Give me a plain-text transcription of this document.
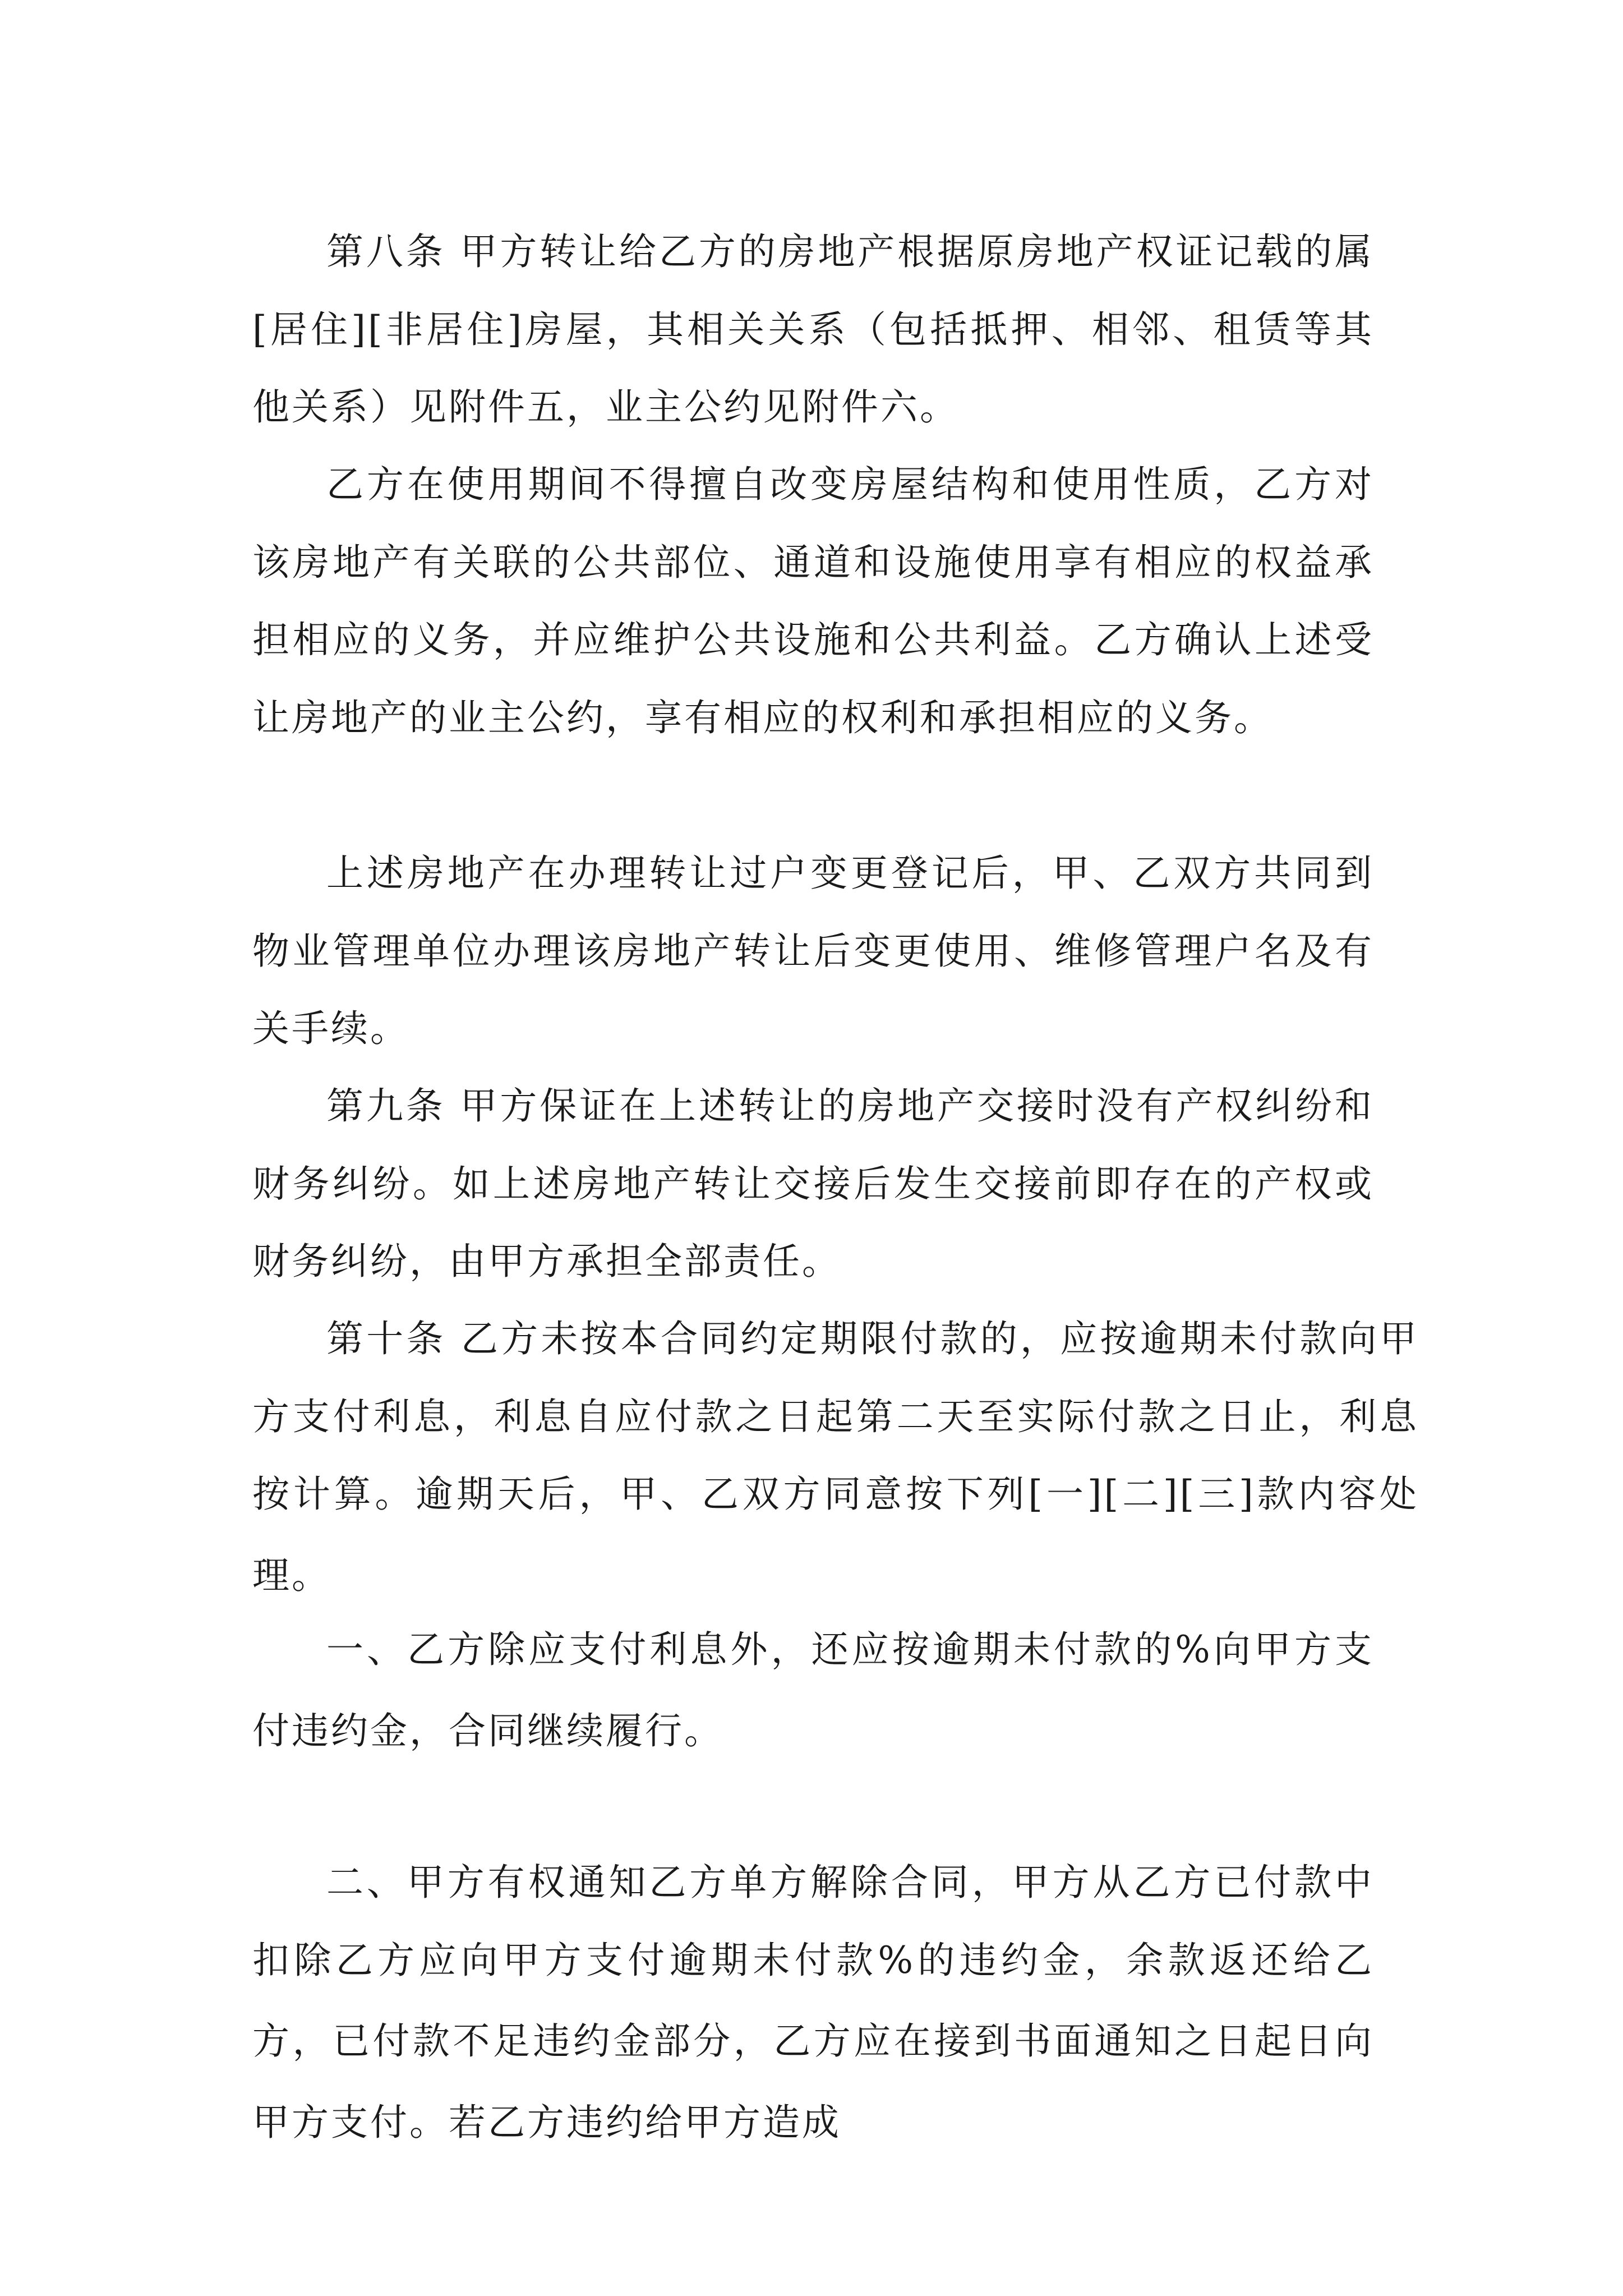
第八条 甲方转让给乙方的房地产根据原房地产权证记载的属[居住][非居住]房屋，其相关关系（包括抵押、相邻、租赁等其他关系）见附件五，业主公约见附件六。

乙方在使用期间不得擅自改变房屋结构和使用性质，乙方对该房地产有关联的公共部位、通道和设施使用享有相应的权益承担相应的义务，并应维护公共设施和公共利益。乙方确认上述受让房地产的业主公约，享有相应的权利和承担相应的义务。

上述房地产在办理转让过户变更登记后，甲、乙双方共同到物业管理单位办理该房地产转让后变更使用、维修管理户名及有关手续。

第九条 甲方保证在上述转让的房地产交接时没有产权纠纷和财务纠纷。如上述房地产转让交接后发生交接前即存在的产权或财务纠纷，由甲方承担全部责任。

第十条 乙方未按本合同约定期限付款的，应按逾期未付款向甲方支付利息，利息自应付款之日起第二天至实际付款之日止，利息按计算。逾期天后，甲、乙双方同意按下列[一][二][三]款内容处理。

一、乙方除应支付利息外，还应按逾期未付款的%向甲方支付违约金，合同继续履行。

二、甲方有权通知乙方单方解除合同，甲方从乙方已付款中扣除乙方应向甲方支付逾期未付款%的违约金，余款返还给乙方，已付款不足违约金部分，乙方应在接到书面通知之日起日向甲方支付。若乙方违约给甲方造成
